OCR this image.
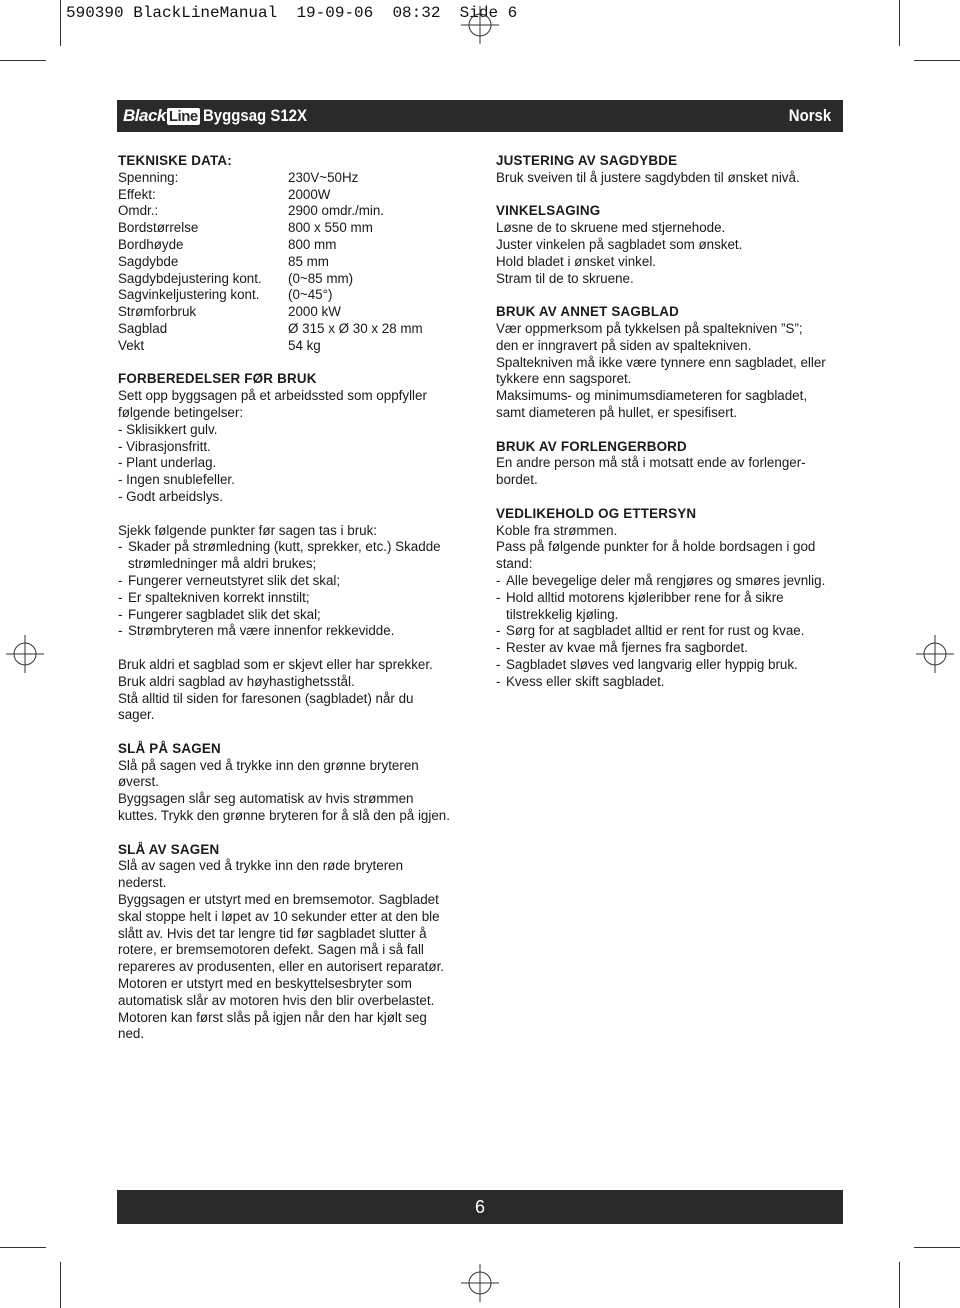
590390 BlackLineManual  19-09-06  08:32  Side 6
Black Line Byggsag S12X	Norsk

TEKNISKE DATA:

Spenning:	230V~50Hz
Effekt:	2000W
Omdr.:	2900 omdr./min.
Bordstørrelse	800 x 550 mm
Bordhøyde	800 mm
Sagdybde	85 mm
Sagdybdejustering kont.	(0~85 mm)
Sagvinkeljustering kont.	(0~45°)
Strømforbruk	2000 kW
Sagblad	Ø 315 x Ø 30 x 28 mm
Vekt	54 kg

FORBEREDELSER FØR BRUK

Sett opp byggsagen på et arbeidssted som oppfyller

følgende betingelser:

- Sklisikkert gulv.

- Vibrasjonsfritt.

- Plant underlag.

- Ingen snublefeller.

- Godt arbeidslys.

Sjekk følgende punkter før sagen tas i bruk:

- Skader på strømledning (kutt, sprekker, etc.) Skadde
strømledninger må aldri brukes;
- Fungerer verneutstyret slik det skal;
- Er spaltekniven korrekt innstilt;
- Fungerer sagbladet slik det skal;
- Strømbryteren må være innenfor rekkevidde.

Bruk aldri et sagblad som er skjevt eller har sprekker.

Bruk aldri sagblad av høyhastighetsstål.

Stå alltid til siden for faresonen (sagbladet) når du

sager.

SLÅ PÅ SAGEN

Slå på sagen ved å trykke inn den grønne bryteren

øverst.

Byggsagen slår seg automatisk av hvis strømmen

kuttes. Trykk den grønne bryteren for å slå den på igjen.

SLÅ AV SAGEN

Slå av sagen ved å trykke inn den røde bryteren

nederst.

Byggsagen er utstyrt med en bremsemotor. Sagbladet

skal stoppe helt i løpet av 10 sekunder etter at den ble

slått av. Hvis det tar lengre tid før sagbladet slutter å

rotere, er bremsemotoren defekt. Sagen må i så fall

repareres av produsenten, eller en autorisert reparatør.

Motoren er utstyrt med en beskyttelsesbryter som

automatisk slår av motoren hvis den blir overbelastet.

Motoren kan først slås på igjen når den har kjølt seg

ned.

JUSTERING AV SAGDYBDE

Bruk sveiven til å justere sagdybden til ønsket nivå.

VINKELSAGING

Løsne de to skruene med stjernehode.

Juster vinkelen på sagbladet som ønsket.

Hold bladet i ønsket vinkel.

Stram til de to skruene.

BRUK AV ANNET SAGBLAD

Vær oppmerksom på tykkelsen på spaltekniven ”S”;

den er inngravert på siden av spaltekniven.

Spaltekniven må ikke være tynnere enn sagbladet, eller

tykkere enn sagsporet.

Maksimums- og minimumsdiameteren for sagbladet,

samt diameteren på hullet, er spesifisert.

BRUK AV FORLENGERBORD

En andre person må stå i motsatt ende av forlenger-

bordet.

VEDLIKEHOLD OG ETTERSYN

Koble fra strømmen.

Pass på følgende punkter for å holde bordsagen i god

stand:

- Alle bevegelige deler må rengjøres og smøres jevnlig.
- Hold alltid motorens kjøleribber rene for å sikre
tilstrekkelig kjøling.
- Sørg for at sagbladet alltid er rent for rust og kvae.
- Rester av kvae må fjernes fra sagbordet.
- Sagbladet sløves ved langvarig eller hyppig bruk.
- Kvess eller skift sagbladet.
6
